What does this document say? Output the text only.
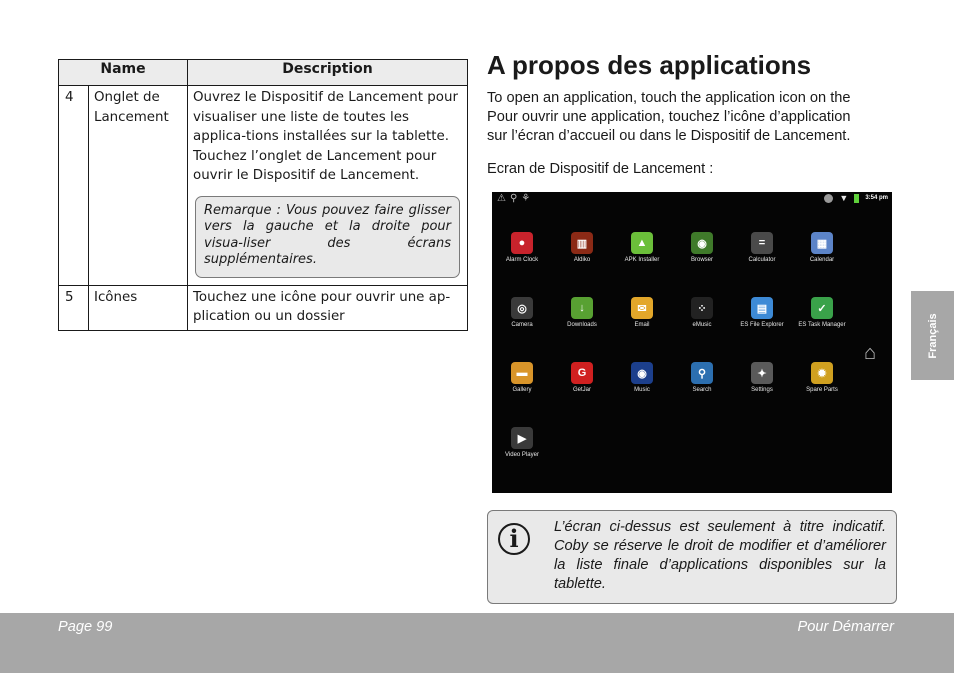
Name		Description
4	Onglet de Lancement	Ouvrez le Dispositif de Lancement pour visualiser une liste de toutes les applica-tions installées sur la tablette. Touchez l’onglet de Lancement pour ouvrir le Dispositif de Lancement.
Remarque : Vous pouvez faire glisser vers la gauche et la droite pour visua-liser des écrans supplémentaires.

5	Icônes	Touchez une icône pour ouvrir une ap-plication ou un dossier
A propos des applications

To open an application, touch the application icon on the
Pour ouvrir une application, touchez l’icône d’application
sur l’écran d’accueil ou dans le Dispositif de Lancement.

Ecran de Dispositif de Lancement :

⚠⚲⚘	▼	3:54 pm
⌂
●
Alarm Clock
▥
Aldiko
▲
APK Installer
◉
Browser
=
Calculator
▦
Calendar
◎
Camera
↓
Downloads
✉
Email
⁘
eMusic
▤
ES File Explorer
✓
ES Task Manager
▬
Gallery
G
GetJar
◉
Music
⚲
Search
✦
Settings
✹
Spare Parts
▶
Video Player
i	L’écran ci-dessus est seulement à titre indicatif. Coby se réserve le droit de modifier et d’améliorer la liste finale d’applications disponibles sur la tablette.
Français
Page 99	Pour Démarrer
